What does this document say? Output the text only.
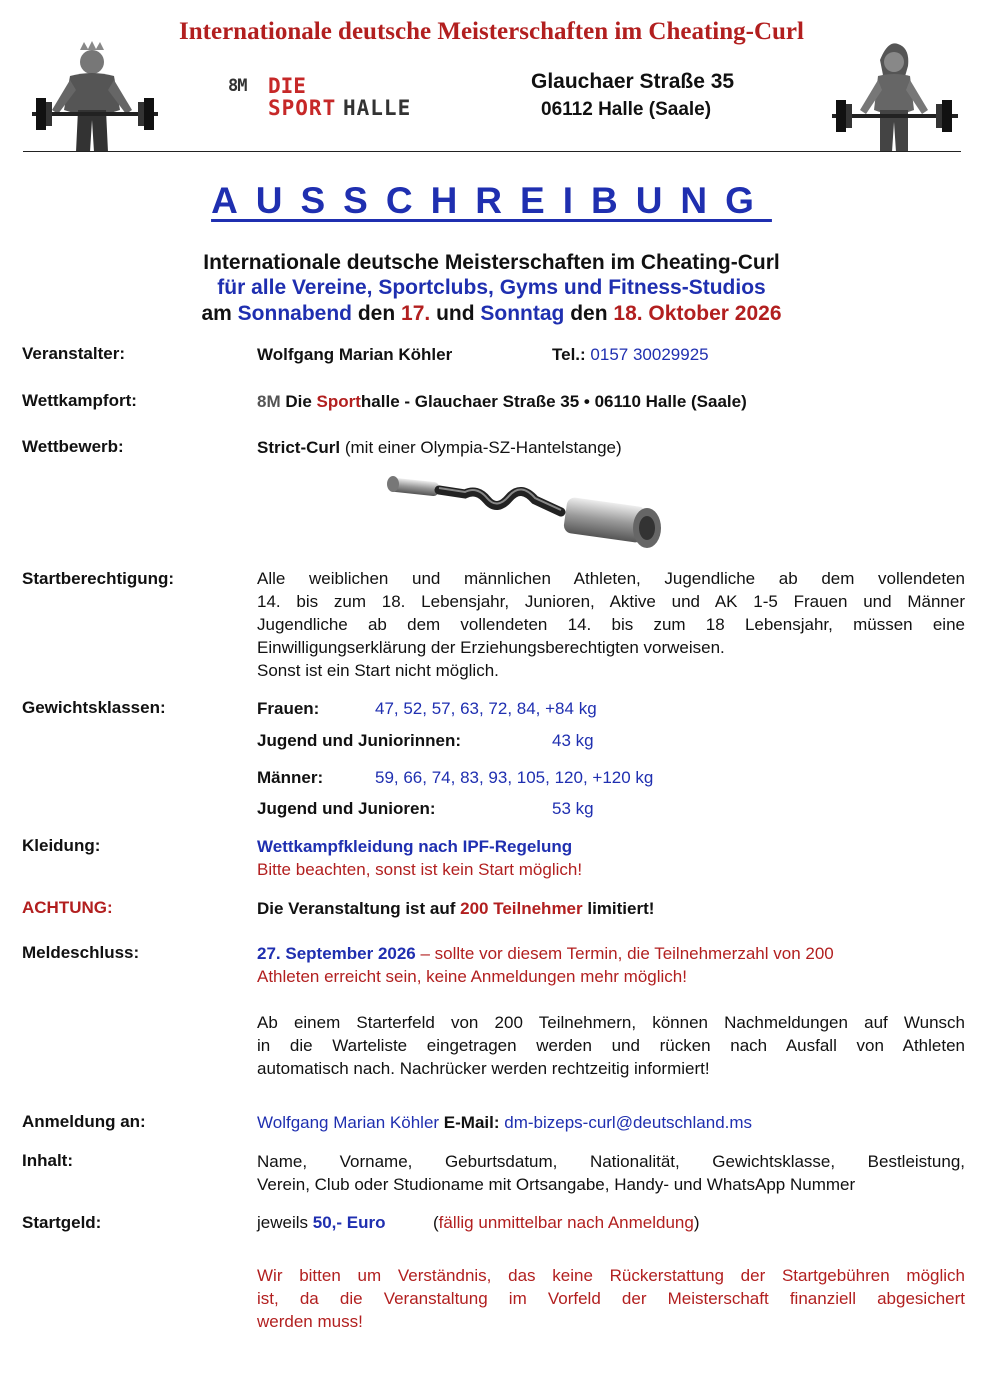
Internationale deutsche Meisterschaften im Cheating-Curl
8M DIE
SPORT HALLE
Glauchaer Straße 35
06112 Halle (Saale)
AUSSCHREIBUNG
Internationale deutsche Meisterschaften im Cheating-Curl
für alle Vereine, Sportclubs, Gyms und Fitness-Studios
am Sonnabend den 17. und Sonntag den 18. Oktober 2026
Veranstalter:	Wolfgang Marian Köhler	Tel.: 0157 30029925
Wettkampfort:	8M Die Sporthalle - Glauchaer Straße 35 • 06110 Halle (Saale)
Wettbewerb:	Strict-Curl (mit einer Olympia-SZ-Hantelstange)
Startberechtigung:	Alle weiblichen und männlichen Athleten, Jugendliche ab dem vollendeten
14. bis zum 18. Lebensjahr, Junioren, Aktive und AK 1-5 Frauen und Männer
Jugendliche ab dem vollendeten 14. bis zum 18 Lebensjahr, müssen eine
Einwilligungserklärung der Erziehungsberechtigten vorweisen.
Sonst ist ein Start nicht möglich.
Gewichtsklassen:	Frauen:	47, 52, 57, 63, 72, 84, +84 kg
Jugend und Juniorinnen:	43 kg
Männer:	59, 66, 74, 83, 93, 105, 120, +120 kg
Jugend und Junioren:	53 kg
Kleidung:	Wettkampfkleidung nach IPF-Regelung
Bitte beachten, sonst ist kein Start möglich!
ACHTUNG:	Die Veranstaltung ist auf 200 Teilnehmer limitiert!
Meldeschluss:	27. September 2026 – sollte vor diesem Termin, die Teilnehmerzahl von 200
Athleten erreicht sein, keine Anmeldungen mehr möglich!
Ab einem Starterfeld von 200 Teilnehmern, können Nachmeldungen auf Wunsch
in die Warteliste eingetragen werden und rücken nach Ausfall von Athleten
automatisch nach. Nachrücker werden rechtzeitig informiert!
Anmeldung an:	Wolfgang Marian Köhler E-Mail: dm-bizeps-curl@deutschland.ms
Inhalt:	Name, Vorname, Geburtsdatum, Nationalität, Gewichtsklasse, Bestleistung,
Verein, Club oder Studioname mit Ortsangabe, Handy- und WhatsApp Nummer
Startgeld:	jeweils 50,- Euro	(fällig unmittelbar nach Anmeldung)
Wir bitten um Verständnis, das keine Rückerstattung der Startgebühren möglich
ist, da die Veranstaltung im Vorfeld der Meisterschaft finanziell abgesichert
werden muss!
